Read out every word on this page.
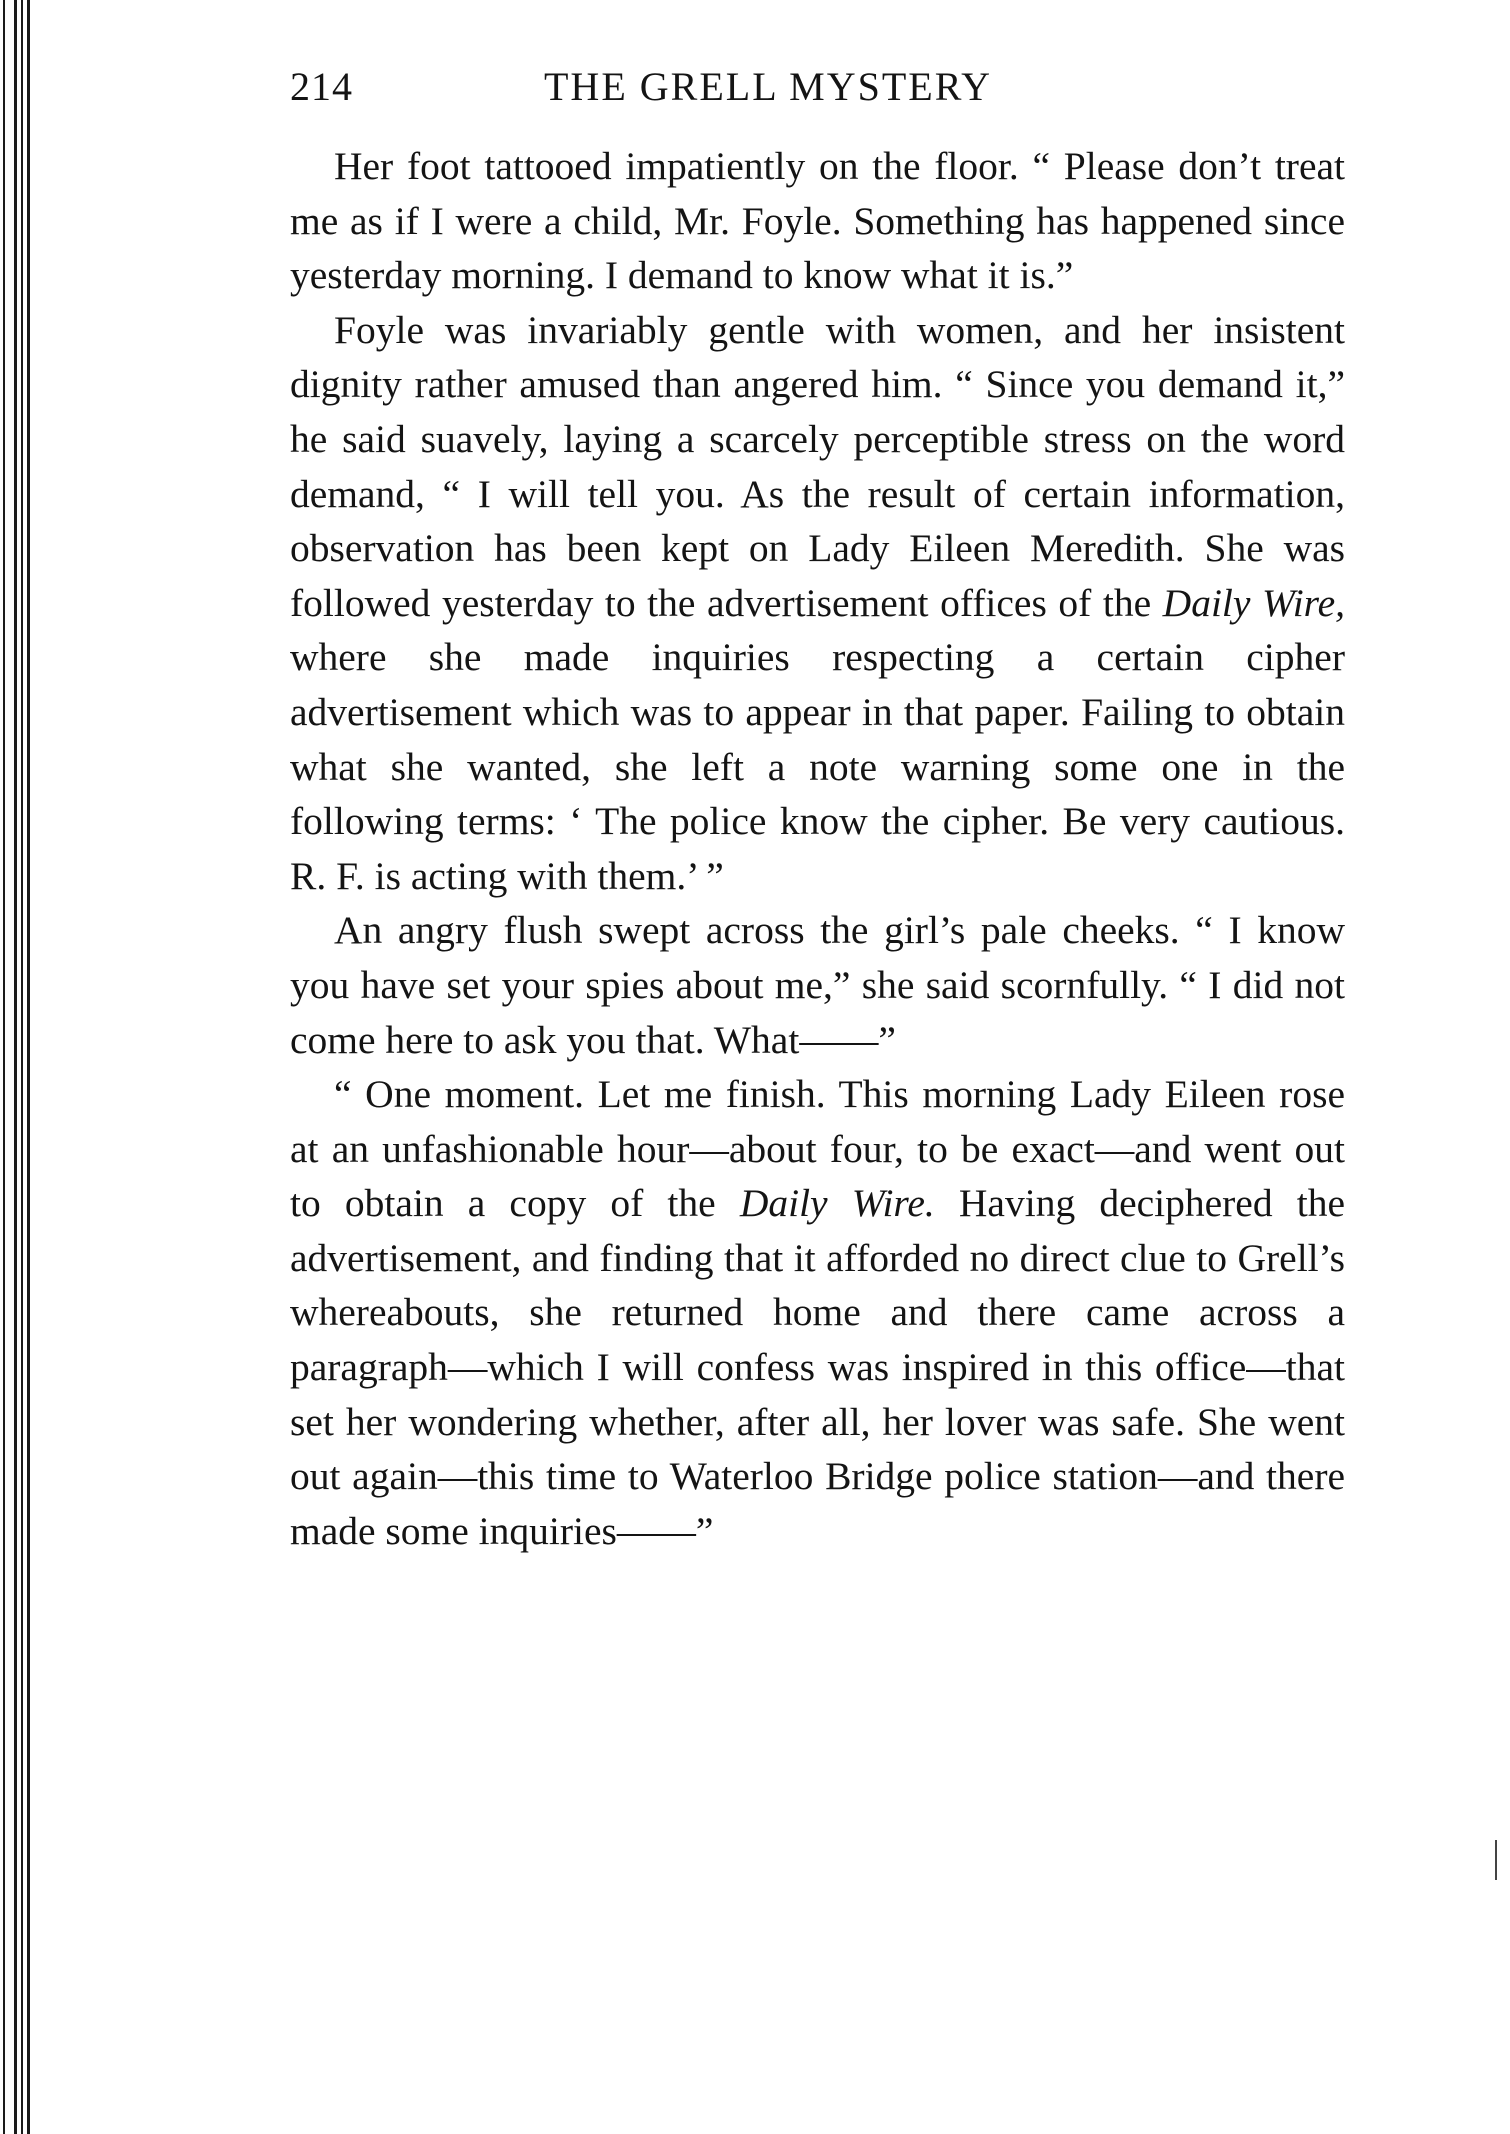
214	THE GRELL MYSTERY

Her foot tattooed impatiently on the floor. “ Please don’t treat me as if I were a child, Mr. Foyle. Something has happened since yesterday morning. I demand to know what it is.”

Foyle was invariably gentle with women, and her insistent dignity rather amused than angered him. “ Since you demand it,” he said suavely, laying a scarcely perceptible stress on the word demand, “ I will tell you. As the result of certain information, observation has been kept on Lady Eileen Meredith. She was followed yesterday to the advertisement offices of the Daily Wire, where she made inquiries respecting a certain cipher advertisement which was to appear in that paper. Failing to obtain what she wanted, she left a note warning some one in the following terms: ‘ The police know the cipher. Be very cautious. R. F. is acting with them.’ ”

An angry flush swept across the girl’s pale cheeks. “ I know you have set your spies about me,” she said scornfully. “ I did not come here to ask you that. What——”

“ One moment. Let me finish. This morning Lady Eileen rose at an unfashionable hour—about four, to be exact—and went out to obtain a copy of the Daily Wire. Having deciphered the advertisement, and finding that it afforded no direct clue to Grell’s whereabouts, she returned home and there came across a paragraph—which I will confess was inspired in this office—that set her wondering whether, after all, her lover was safe. She went out again—this time to Waterloo Bridge police station—and there made some inquiries——”
